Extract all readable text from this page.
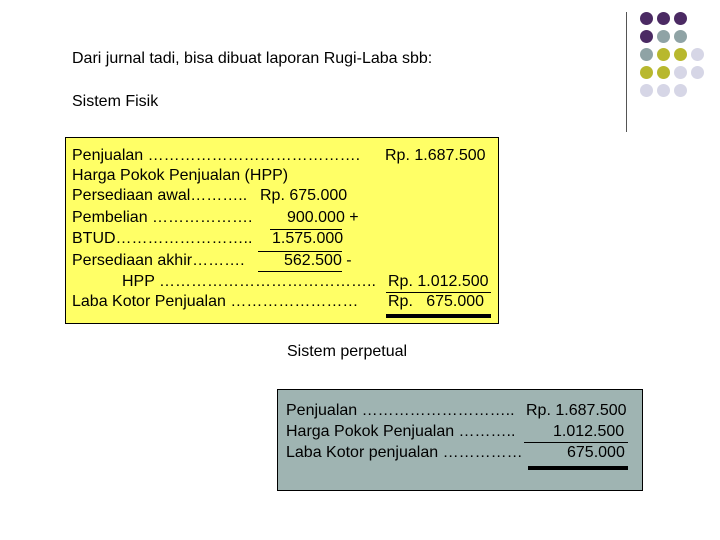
Dari jurnal tadi, bisa dibuat laporan Rugi-Laba sbb:
Sistem Fisik
Penjualan …………………………………. Rp. 1.687.500
Harga Pokok Penjualan (HPP)
Persediaan awal……….. Rp. 675.000
Pembelian ………………. 900.000 +
BTUD…………………….. 1.575.000
Persediaan akhir………. 562.500 -
HPP ………………………………….. Rp. 1.012.500
Laba Kotor Penjualan …………………… Rp.   675.000
Sistem perpetual
Penjualan ……………………….. Rp. 1.687.500
Harga Pokok Penjualan ……….. 1.012.500
Laba Kotor penjualan ……………	675.000
